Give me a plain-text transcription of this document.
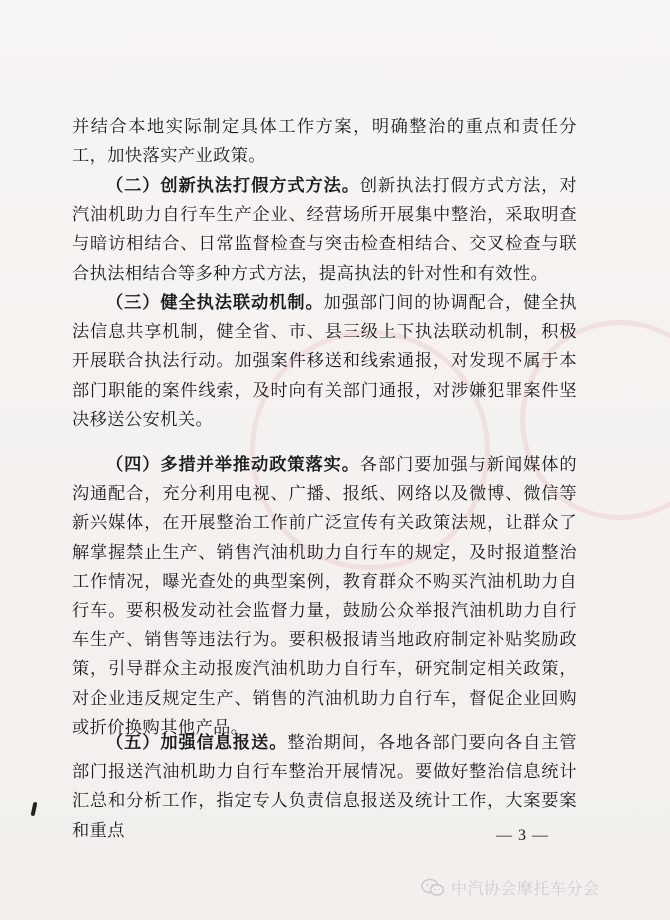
并结合本地实际制定具体工作方案，明确整治的重点和责任分工，加快落实产业政策。

（二）创新执法打假方式方法。创新执法打假方式方法，对汽油机助力自行车生产企业、经营场所开展集中整治，采取明查与暗访相结合、日常监督检查与突击检查相结合、交叉检查与联合执法相结合等多种方式方法，提高执法的针对性和有效性。

（三）健全执法联动机制。加强部门间的协调配合，健全执法信息共享机制，健全省、市、县三级上下执法联动机制，积极开展联合执法行动。加强案件移送和线索通报，对发现不属于本部门职能的案件线索，及时向有关部门通报，对涉嫌犯罪案件坚决移送公安机关。

（四）多措并举推动政策落实。各部门要加强与新闻媒体的沟通配合，充分利用电视、广播、报纸、网络以及微博、微信等新兴媒体，在开展整治工作前广泛宣传有关政策法规，让群众了解掌握禁止生产、销售汽油机助力自行车的规定，及时报道整治工作情况，曝光查处的典型案例，教育群众不购买汽油机助力自行车。要积极发动社会监督力量，鼓励公众举报汽油机助力自行车生产、销售等违法行为。要积极报请当地政府制定补贴奖励政策，引导群众主动报废汽油机助力自行车，研究制定相关政策，对企业违反规定生产、销售的汽油机助力自行车，督促企业回购或折价换购其他产品。

（五）加强信息报送。整治期间，各地各部门要向各自主管部门报送汽油机助力自行车整治开展情况。要做好整治信息统计汇总和分析工作，指定专人负责信息报送及统计工作，大案要案和重点	— 3 —
中汽协会摩托车分会
